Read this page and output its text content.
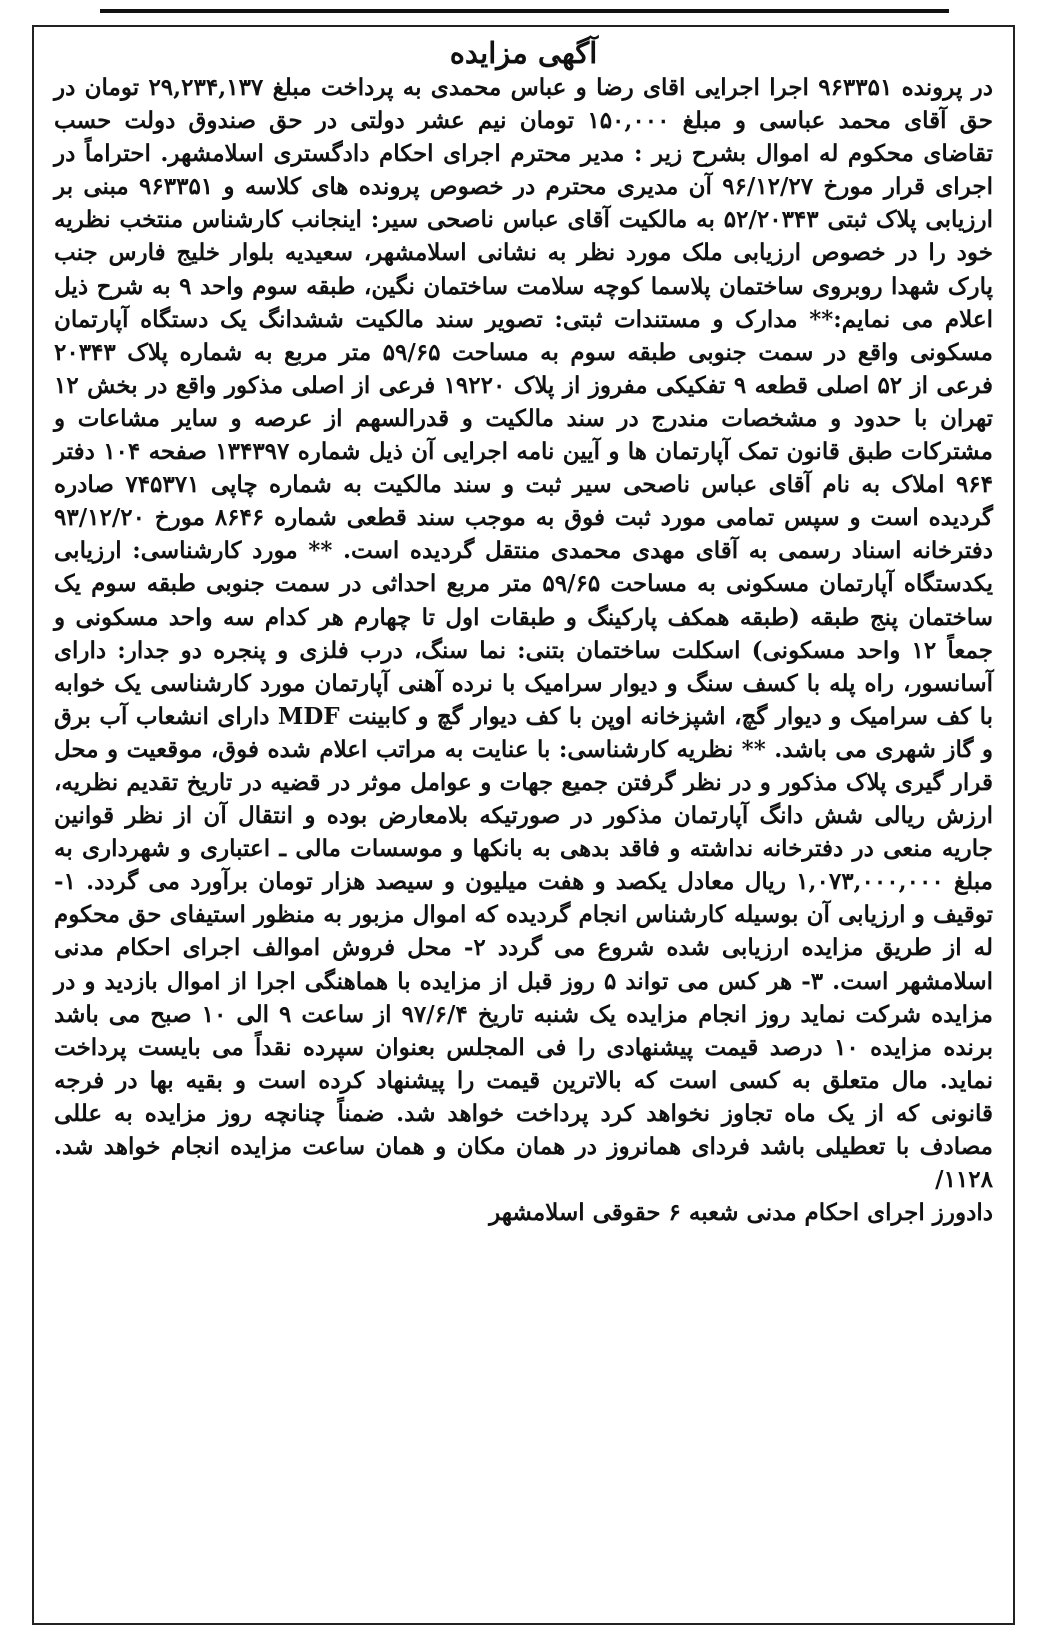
آگهی مزایده

در پرونده ۹۶۳۳۵۱ اجرا اجرایی اقای رضا و عباس محمدی به پرداخت مبلغ ۲۹,۲۳۴,۱۳۷ تومان در حق آقای محمد عباسی و مبلغ ۱۵۰,۰۰۰ تومان نیم عشر دولتی در حق صندوق دولت حسب تقاضای محکوم له اموال بشرح زیر : مدیر محترم اجرای احکام دادگستری اسلامشهر. احتراماً در اجرای قرار مورخ ۹۶/۱۲/۲۷ آن مدیری محترم در خصوص پرونده های کلاسه و ۹۶۳۳۵۱ مبنی بر ارزیابی پلاک ثبتی ۵۲/۲۰۳۴۳ به مالکیت آقای عباس ناصحی سیر: اینجانب کارشناس منتخب نظریه خود را در خصوص ارزیابی ملک مورد نظر به نشانی اسلامشهر، سعیدیه بلوار خلیج فارس جنب پارک شهدا روبروی ساختمان پلاسما کوچه سلامت ساختمان نگین، طبقه سوم واحد ۹ به شرح ذیل اعلام می نمایم:** مدارک و مستندات ثبتی: تصویر سند مالکیت ششدانگ یک دستگاه آپارتمان مسکونی واقع در سمت جنوبی طبقه سوم به مساحت ۵۹/۶۵ متر مربع به شماره پلاک ۲۰۳۴۳ فرعی از ۵۲ اصلی قطعه ۹ تفکیکی مفروز از پلاک ۱۹۲۲۰ فرعی از اصلی مذکور واقع در بخش ۱۲ تهران با حدود و مشخصات مندرج در سند مالکیت و قدرالسهم از عرصه و سایر مشاعات و مشترکات طبق قانون تمک آپارتمان ها و آیین نامه اجرایی آن ذیل شماره ۱۳۴۳۹۷ صفحه ۱۰۴ دفتر ۹۶۴ املاک به نام آقای عباس ناصحی سیر ثبت و سند مالکیت به شماره چاپی ۷۴۵۳۷۱ صادره گردیده است و سپس تمامی مورد ثبت فوق به موجب سند قطعی شماره ۸۶۴۶ مورخ ۹۳/۱۲/۲۰ دفترخانه اسناد رسمی به آقای مهدی محمدی منتقل گردیده است. ** مورد کارشناسی: ارزیابی یکدستگاه آپارتمان مسکونی به مساحت ۵۹/۶۵ متر مربع احداثی در سمت جنوبی طبقه سوم یک ساختمان پنج طبقه (طبقه همکف پارکینگ و طبقات اول تا چهارم هر کدام سه واحد مسکونی و جمعاً ۱۲ واحد مسکونی) اسکلت ساختمان بتنی: نما سنگ، درب فلزی و پنجره دو جدار: دارای آسانسور، راه پله با کسف سنگ و دیوار سرامیک با نرده آهنی آپارتمان مورد کارشناسی یک خوابه با کف سرامیک و دیوار گچ، اشپزخانه اوپن با کف دیوار گچ و کابینت MDF دارای انشعاب آب برق و گاز شهری می باشد. ** نظریه کارشناسی: با عنایت به مراتب اعلام شده فوق، موقعیت و محل قرار گیری پلاک مذکور و در نظر گرفتن جمیع جهات و عوامل موثر در قضیه در تاریخ تقدیم نظریه، ارزش ریالی شش دانگ آپارتمان مذکور در صورتیکه بلامعارض بوده و انتقال آن از نظر قوانین جاریه منعی در دفترخانه نداشته و فاقد بدهی به بانکها و موسسات مالی ـ اعتباری و شهرداری به مبلغ ۱,۰۷۳,۰۰۰,۰۰۰ ریال معادل یکصد و هفت میلیون و سیصد هزار تومان برآورد می گردد. ۱- توقیف و ارزیابی آن بوسیله کارشناس انجام گردیده که اموال مزبور به منظور استیفای حق محکوم له از طریق مزایده ارزیابی شده شروع می گردد ۲- محل فروش اموالف اجرای احکام مدنی اسلامشهر است. ۳- هر کس می تواند ۵ روز قبل از مزایده با هماهنگی اجرا از اموال بازدید و در مزایده شرکت نماید روز انجام مزایده یک شنبه تاریخ ۹۷/۶/۴ از ساعت ۹ الی ۱۰ صبح می باشد برنده مزایده ۱۰ درصد قیمت پیشنهادی را فی المجلس بعنوان سپرده نقداً می بایست پرداخت نماید. مال متعلق به کسی است که بالاترین قیمت را پیشنهاد کرده است و بقیه بها در فرجه قانونی که از یک ماه تجاوز نخواهد کرد پرداخت خواهد شد. ضمناً چنانچه روز مزایده به عللی مصادف با تعطیلی باشد فردای همانروز در همان مکان و همان ساعت مزایده انجام خواهد شد. ۱۱۲۸/

دادورز اجرای احکام مدنی شعبه ۶ حقوقی اسلامشهر
